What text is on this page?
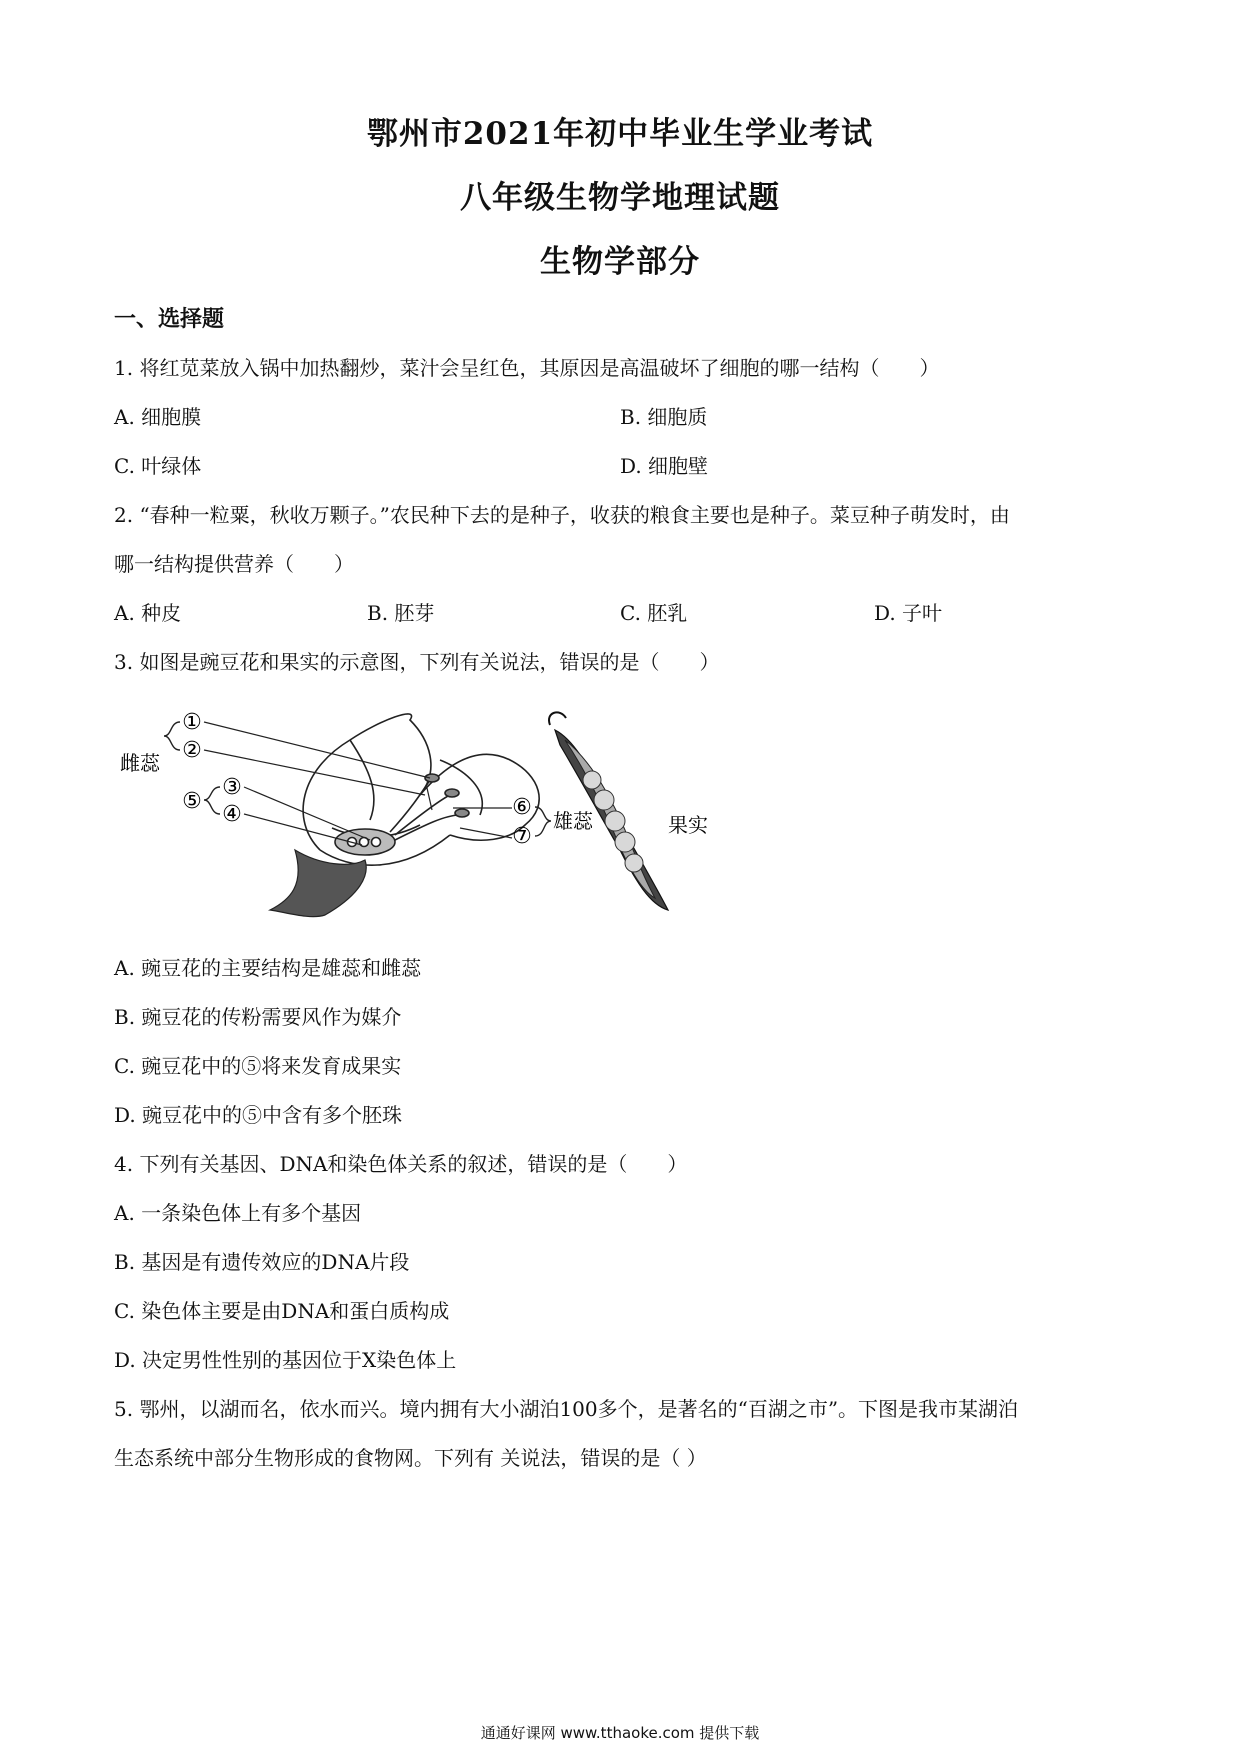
鄂州市2021年初中毕业生学业考试
八年级生物学地理试题
生物学部分
一、选择题
1. 将红苋菜放入锅中加热翻炒，菜汁会呈红色，其原因是高温破坏了细胞的哪一结构（　　）
A. 细胞膜	B. 细胞质
C. 叶绿体	D. 细胞壁
2. “春种一粒粟，秋收万颗子。”农民种下去的是种子，收获的粮食主要也是种子。菜豆种子萌发时，由
哪一结构提供营养（　　）
A. 种皮	B. 胚芽	C. 胚乳	D. 子叶
3. 如图是豌豆花和果实的示意图，下列有关说法，错误的是（　　）
①
②
③
④
⑤	⑥
⑦
雌蕊
雄蕊	果实
A. 豌豆花的主要结构是雄蕊和雌蕊
B. 豌豆花的传粉需要风作为媒介
C. 豌豆花中的⑤将来发育成果实
D. 豌豆花中的⑤中含有多个胚珠
4. 下列有关基因、DNA和染色体关系的叙述，错误的是（　　）
A. 一条染色体上有多个基因
B. 基因是有遗传效应的DNA片段
C. 染色体主要是由DNA和蛋白质构成
D. 决定男性性别的基因位于X染色体上
5. 鄂州，以湖而名，依水而兴。境内拥有大小湖泊100多个，是著名的“百湖之市”。下图是我市某湖泊
生态系统中部分生物形成的食物网。下列有 关说法，错误的是（ ）
通通好课网 www.tthaoke.com 提供下载
